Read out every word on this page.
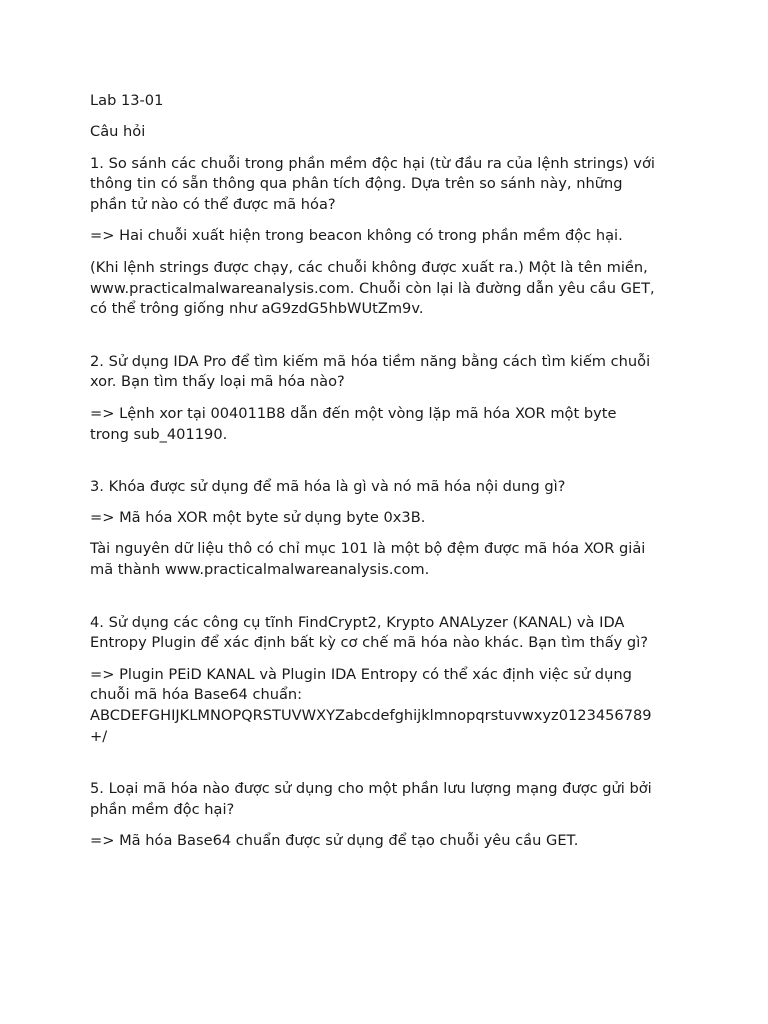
Lab 13-01

Câu hỏi

1. So sánh các chuỗi trong phần mềm độc hại (từ đầu ra của lệnh strings) với
thông tin có sẵn thông qua phân tích động. Dựa trên so sánh này, những
phần tử nào có thể được mã hóa?

=> Hai chuỗi xuất hiện trong beacon không có trong phần mềm độc hại.

(Khi lệnh strings được chạy, các chuỗi không được xuất ra.) Một là tên miền,
www.practicalmalwareanalysis.com. Chuỗi còn lại là đường dẫn yêu cầu GET,
có thể trông giống như aG9zdG5hbWUtZm9v.

2. Sử dụng IDA Pro để tìm kiếm mã hóa tiềm năng bằng cách tìm kiếm chuỗi
xor. Bạn tìm thấy loại mã hóa nào?

=> Lệnh xor tại 004011B8 dẫn đến một vòng lặp mã hóa XOR một byte
trong sub_401190.

3. Khóa được sử dụng để mã hóa là gì và nó mã hóa nội dung gì?

=> Mã hóa XOR một byte sử dụng byte 0x3B.

Tài nguyên dữ liệu thô có chỉ mục 101 là một bộ đệm được mã hóa XOR giải
mã thành www.practicalmalwareanalysis.com.

4. Sử dụng các công cụ tĩnh FindCrypt2, Krypto ANALyzer (KANAL) và IDA
Entropy Plugin để xác định bất kỳ cơ chế mã hóa nào khác. Bạn tìm thấy gì?

=> Plugin PEiD KANAL và Plugin IDA Entropy có thể xác định việc sử dụng
chuỗi mã hóa Base64 chuẩn:
ABCDEFGHIJKLMNOPQRSTUVWXYZabcdefghijklmnopqrstuvwxyz0123456789
+/

5. Loại mã hóa nào được sử dụng cho một phần lưu lượng mạng được gửi bởi
phần mềm độc hại?

=> Mã hóa Base64 chuẩn được sử dụng để tạo chuỗi yêu cầu GET.
